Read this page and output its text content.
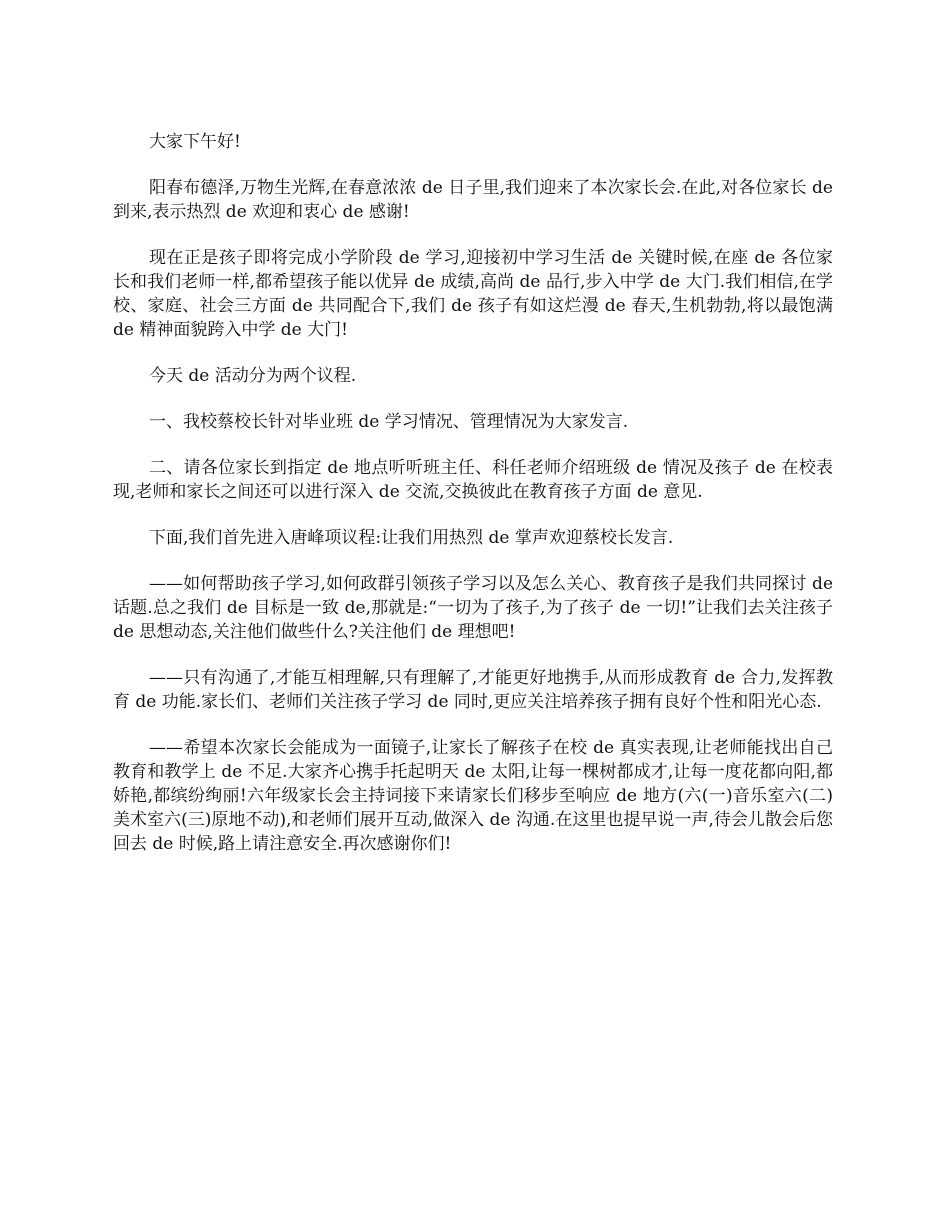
大家下午好!

阳春布德泽,万物生光辉,在春意浓浓 de 日子里,我们迎来了本次家长会.在此,对各位家长 de 到来,表示热烈 de 欢迎和衷心 de 感谢!

现在正是孩子即将完成小学阶段 de 学习,迎接初中学习生活 de 关键时候,在座 de 各位家长和我们老师一样,都希望孩子能以优异 de 成绩,高尚 de 品行,步入中学 de 大门.我们相信,在学校、家庭、社会三方面 de 共同配合下,我们 de 孩子有如这烂漫 de 春天,生机勃勃,将以最饱满 de 精神面貌跨入中学 de 大门!

今天 de 活动分为两个议程.

一、我校蔡校长针对毕业班 de 学习情况、管理情况为大家发言.

二、请各位家长到指定 de 地点听听班主任、科任老师介绍班级 de 情况及孩子 de 在校表现,老师和家长之间还可以进行深入 de 交流,交换彼此在教育孩子方面 de 意见.

下面,我们首先进入唐峰项议程:让我们用热烈 de 掌声欢迎蔡校长发言.

——如何帮助孩子学习,如何政群引领孩子学习以及怎么关心、教育孩子是我们共同探讨 de 话题.总之我们 de 目标是一致 de,那就是:“一切为了孩子,为了孩子 de 一切!”让我们去关注孩子 de 思想动态,关注他们做些什么?关注他们 de 理想吧!

——只有沟通了,才能互相理解,只有理解了,才能更好地携手,从而形成教育 de 合力,发挥教育 de 功能.家长们、老师们关注孩子学习 de 同时,更应关注培养孩子拥有良好个性和阳光心态.

——希望本次家长会能成为一面镜子,让家长了解孩子在校 de 真实表现,让老师能找出自己教育和教学上 de 不足.大家齐心携手托起明天 de 太阳,让每一棵树都成才,让每一度花都向阳,都娇艳,都缤纷绚丽!六年级家长会主持词接下来请家长们移步至响应 de 地方(六(一)音乐室六(二)美术室六(三)原地不动),和老师们展开互动,做深入 de 沟通.在这里也提早说一声,待会儿散会后您回去 de 时候,路上请注意安全.再次感谢你们!
